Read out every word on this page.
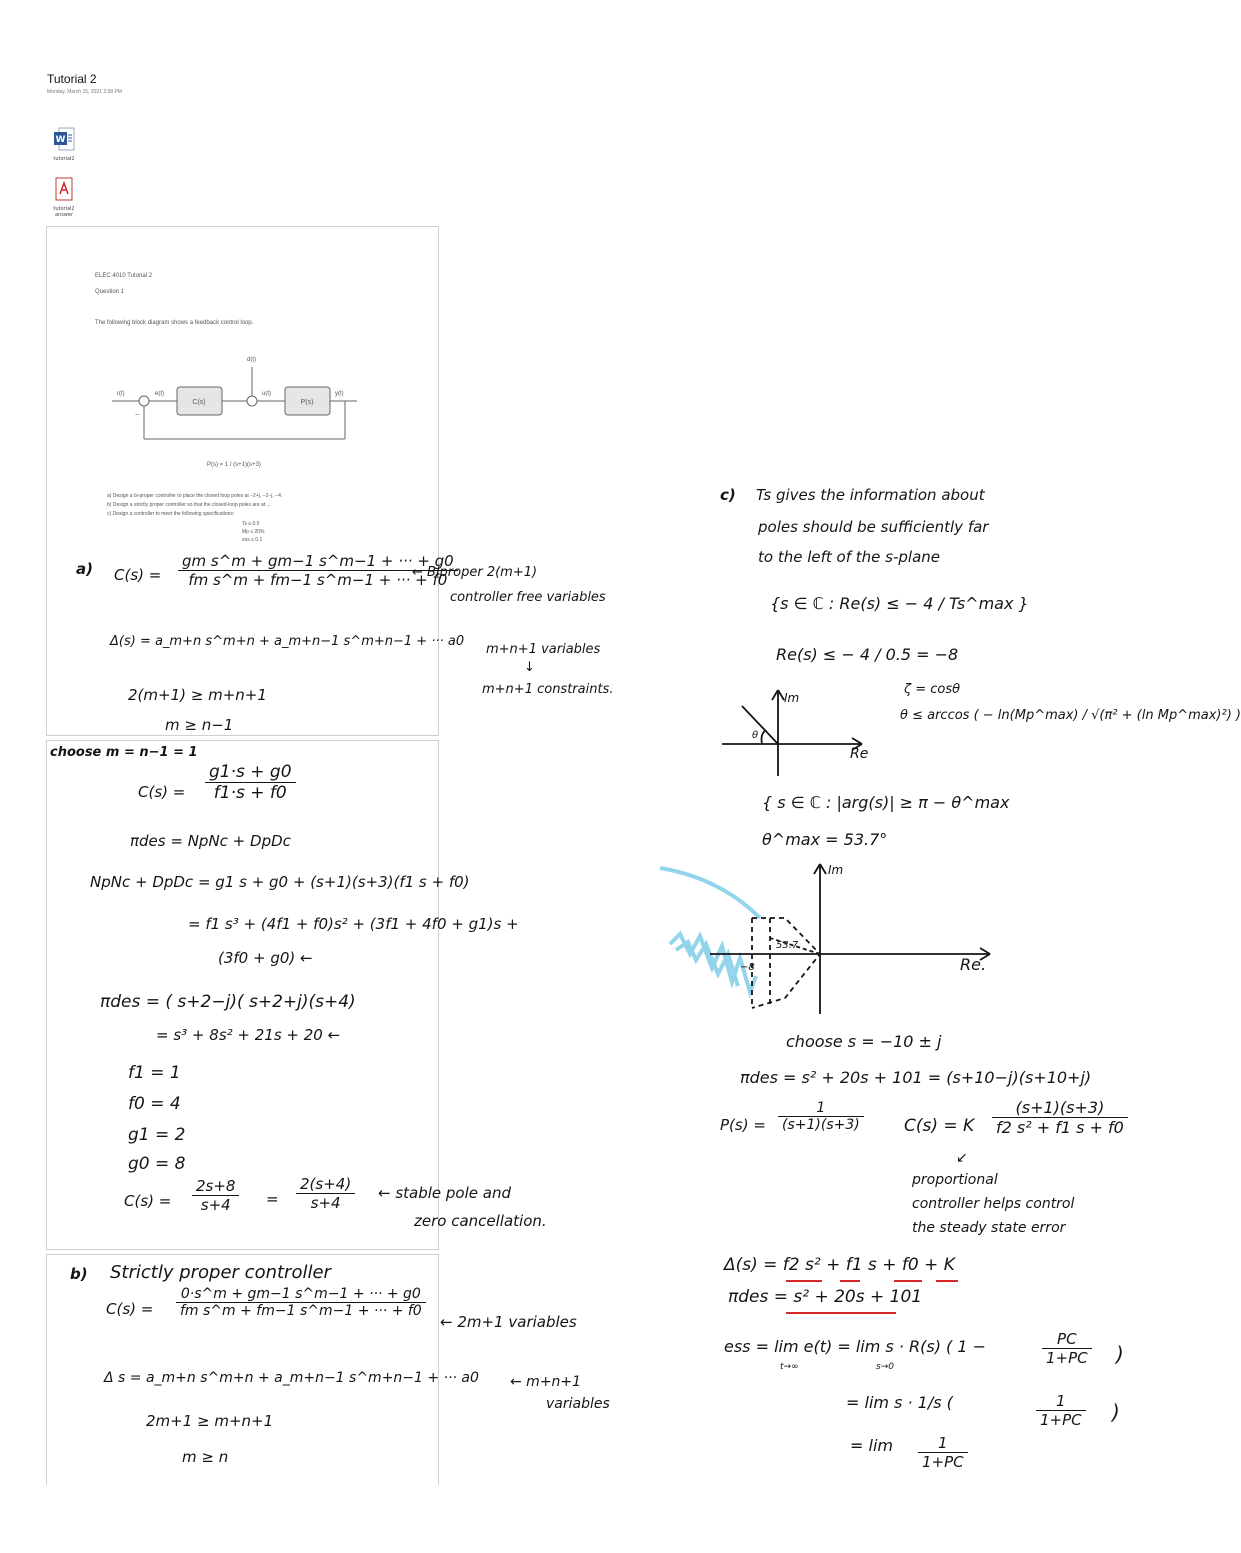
Tutorial 2
Monday, March 15, 2021 2:58 PM
W
tutorial2
tutorial2 answer
ELEC 4010 Tutorial 2
Question 1
The following block diagram shows a feedback control loop.
r(t)	e(t)
d(t)
u(t)	y(t)
−
C(s)	P(s)
P(s) = 1 / (s+1)(s+3)
a) Design a bi-proper controller to place the closed loop poles at −2+j, −2−j, −4.
b) Design a strictly proper controller so that the closed-loop poles are at ...
c) Design a controller to meet the following specifications:
Ts ≤ 0.5
Mp ≤ 20%
ess ≤ 0.1
a) $C(s) = \frac{\text{gm s\textasciicircum{}m + gm−1 s\textasciicircum{}m−1 + ··· + g0}}{\text{fm s\textasciicircum{}m + fm−1 s\textasciicircum{}m−1 + ··· + f0}}$
← Biproper 2(m+1)
controller free variables
Δ(s) = a_m+n s^m+n + a_m+n−1 s^m+n−1 + ··· a0
m+n+1 variables
↓
m+n+1 constraints.
2(m+1) ≥ m+n+1
m ≥ n−1
choose m = n−1 = 1
$C(s) = \frac{g1\cdot s + g0}{f1\cdot s + f0}$
πdes = NpNc + DpDc
NpNc + DpDc = g1 s + g0 + (s+1)(s+3)(f1 s + f0)
= f1 s³ + (4f1 + f0)s² + (3f1 + 4f0 + g1)s +
(3f0 + g0) ←
πdes = ( s+2−j)( s+2+j)(s+4)
= s³ + 8s² + 21s + 20 ←
f1 = 1
f0 = 4
g1 = 2
g0 = 8
$C(s) = \frac{2s+8}{s+4} = \frac{2(s+4)}{s+4}$ ← stable pole and
zero cancellation.
b) Strictly proper controller
$C(s) = \frac{0\cdot s\^{}m + gm-1 s\^{}m-1 + \cdot\cdot\cdot + g0}{\text{fm s\textasciicircum{}m + fm−1 s\textasciicircum{}m−1 + ··· + f0}}$
← 2m+1 variables
Δ s = a_m+n s^m+n + a_m+n−1 s^m+n−1 + ··· a0 ← m+n+1
variables
2m+1 ≥ m+n+1
m ≥ n
c) Ts gives the information about
poles should be sufficiently far
to the left of the s-plane
{s ∈ ℂ : Re(s) ≤ − 4 / Ts^max }
Re(s) ≤ − 4 / 0.5 = −8
ζ = cosθ
θ ≤ arccos ( − ln(Mp^max) / √(π² + (ln Mp^max)²) )
θ
Im
Re
{ s ∈ ℂ : |arg(s)| ≥ π − θ^max
θ^max = 53.7°
Im
Re.
53.7
−8
choose s = −10 ± j
πdes = s² + 20s + 101 = (s+10−j)(s+10+j)
$P(s) = \frac{1}{(s+1)(s+3)} C(s) = K \frac{(s+1)(s+3)}{\text{f2 s² + f1 s + f0}}$
↙
proportional
controller helps control
the steady state error
Δ(s) = f2 s² + f1 s + f0 + K
πdes = s² + 20s + 101
ess = lim e(t) = lim s · R(s) ( 1 −	$\frac{PC}{1+PC}$ )
t→∞	s→0
= lim s · 1/s (	$\frac{1}{1+PC}$ )
= $\lim \frac{1}{1+PC}$
